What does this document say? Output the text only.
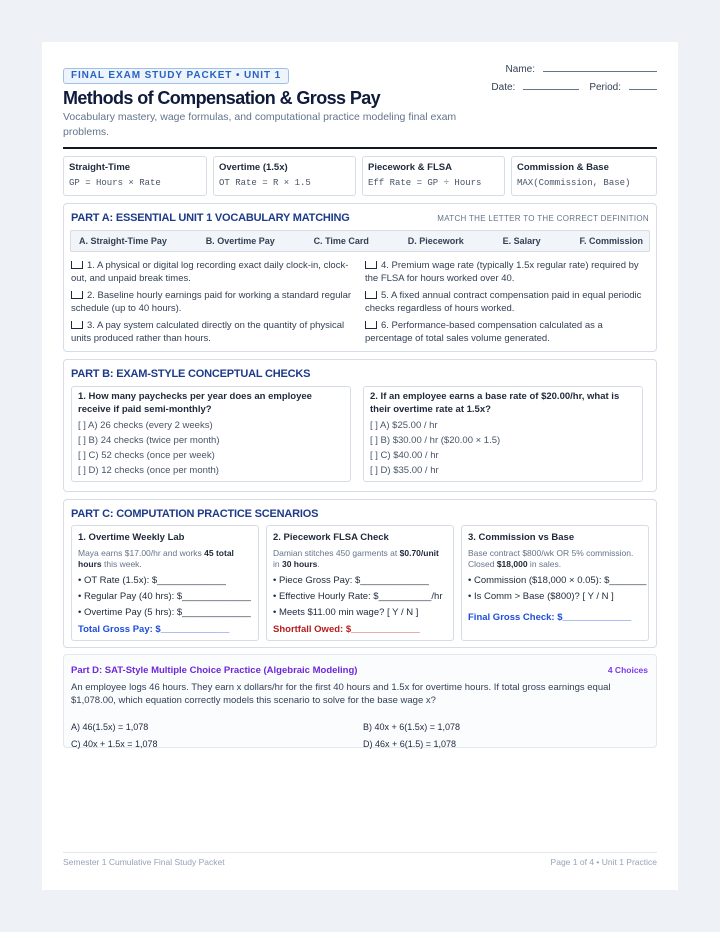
FINAL EXAM STUDY PACKET • UNIT 1
Methods of Compensation & Gross Pay
Vocabulary mastery, wage formulas, and computational practice modeling final exam problems.
Name:
Date:	Period:
Straight-Time
GP = Hours × Rate
Overtime (1.5x)
OT Rate = R × 1.5
Piecework & FLSA
Eff Rate = GP ÷ Hours
Commission & Base
MAX(Commission, Base)
PART A: ESSENTIAL UNIT 1 VOCABULARY MATCHING	MATCH THE LETTER TO THE CORRECT DEFINITION
A. Straight-Time Pay	B. Overtime Pay	C. Time Card	D. Piecework	E. Salary	F. Commission
1. A physical or digital log recording exact daily clock-in, clock-out, and unpaid break times.
4. Premium wage rate (typically 1.5x regular rate) required by the FLSA for hours worked over 40.
2. Baseline hourly earnings paid for working a standard regular schedule (up to 40 hours).
5. A fixed annual contract compensation paid in equal periodic checks regardless of hours worked.
3. A pay system calculated directly on the quantity of physical units produced rather than hours.
6. Performance-based compensation calculated as a percentage of total sales volume generated.
PART B: EXAM-STYLE CONCEPTUAL CHECKS
1. How many paychecks per year does an employee receive if paid semi-monthly?
[ ] A) 26 checks (every 2 weeks)
[ ] B) 24 checks (twice per month)
[ ] C) 52 checks (once per week)
[ ] D) 12 checks (once per month)
2. If an employee earns a base rate of $20.00/hr, what is their overtime rate at 1.5x?
[ ] A) $25.00 / hr
[ ] B) $30.00 / hr ($20.00 × 1.5)
[ ] C) $40.00 / hr
[ ] D) $35.00 / hr
PART C: COMPUTATION PRACTICE SCENARIOS
1. Overtime Weekly Lab
Maya earns $17.00/hr and works 45 total hours this week.
• OT Rate (1.5x): $_____________
• Regular Pay (40 hrs): $_____________
• Overtime Pay (5 hrs): $_____________
Total Gross Pay: $_____________
2. Piecework FLSA Check
Damian stitches 450 garments at $0.70/unit in 30 hours.
• Piece Gross Pay: $_____________
• Effective Hourly Rate: $__________/hr
• Meets $11.00 min wage? [ Y / N ]
Shortfall Owed: $_____________
3. Commission vs Base
Base contract $800/wk OR 5% commission. Closed $18,000 in sales.
• Commission ($18,000 × 0.05): $_______
• Is Comm > Base ($800)? [ Y / N ]
Final Gross Check: $_____________
Part D: SAT-Style Multiple Choice Practice (Algebraic Modeling)	4 Choices
An employee logs 46 hours. They earn x dollars/hr for the first 40 hours and 1.5x for overtime hours. If total gross earnings equal $1,078.00, which equation correctly models this scenario to solve for the base wage x?
A) 46(1.5x) = 1,078	B) 40x + 6(1.5x) = 1,078
C) 40x + 1.5x = 1,078	D) 46x + 6(1.5) = 1,078
Semester 1 Cumulative Final Study Packet	Page 1 of 4 • Unit 1 Practice
